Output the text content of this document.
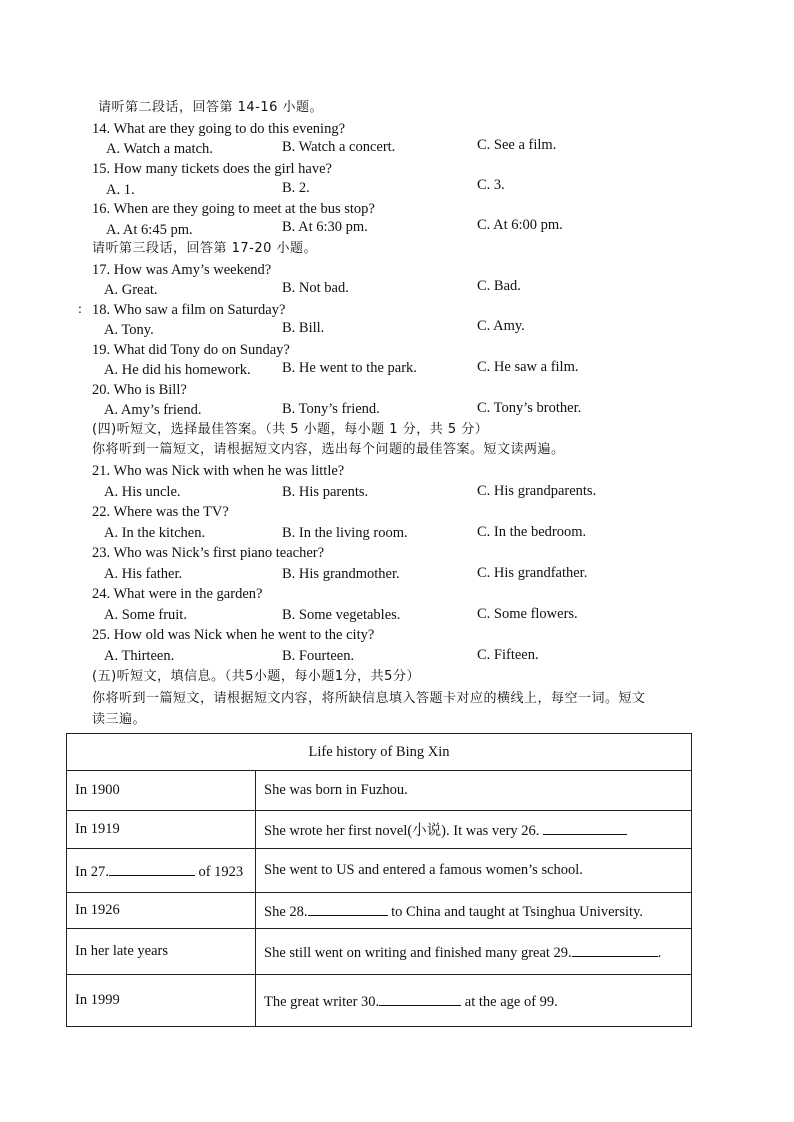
请听第二段话，回答第 14-16 小题。
14. What are they going to do this evening?
A. Watch a match.	B. Watch a concert.	C. See a film.
15. How many tickets does the girl have?
A. 1.	B. 2.	C. 3.
16. When are they going to meet at the bus stop?
A. At 6:45 pm.	B. At 6:30 pm.	C. At 6:00 pm.
请听第三段话，回答第 17-20 小题。
17. How was Amy’s weekend?
A. Great.	B. Not bad.	C. Bad.
: 18. Who saw a film on Saturday?
A. Tony.	B. Bill.	C. Amy.
19. What did Tony do on Sunday?
A. He did his homework. B. He went to the park.	C. He saw a film.
20. Who is Bill?
A. Amy’s friend.	B. Tony’s friend.	C. Tony’s brother.
(四)听短文，选择最佳答案。（共 5 小题，每小题 1 分，共 5 分）
你将听到一篇短文，请根据短文内容，选出每个问题的最佳答案。短文读两遍。
21. Who was Nick with when he was little?
A. His uncle.	B. His parents.	C. His grandparents.
22. Where was the TV?
A. In the kitchen.	B. In the living room.	C. In the bedroom.
23. Who was Nick’s first piano teacher?
A. His father.	B. His grandmother.	C. His grandfather.
24. What were in the garden?
A. Some fruit.	B. Some vegetables.	C. Some flowers.
25. How old was Nick when he went to the city?
A. Thirteen.	B. Fourteen.	C. Fifteen.
(五)听短文，填信息。（共5小题，每小题1分，共5分）
你将听到一篇短文，请根据短文内容，将所缺信息填入答题卡对应的横线上，每空一词。短文
读三遍。
Life history of Bing Xin	
In 1900	She was born in Fuzhou.
In 1919	She wrote her first novel(小说). It was very 26.
In 27. of 1923	She went to US and entered a famous women’s school.
In 1926	She 28. to China and taught at Tsinghua University.
In her late years	She still went on writing and finished many great 29. .
In 1999	The great writer 30. at the age of 99.
